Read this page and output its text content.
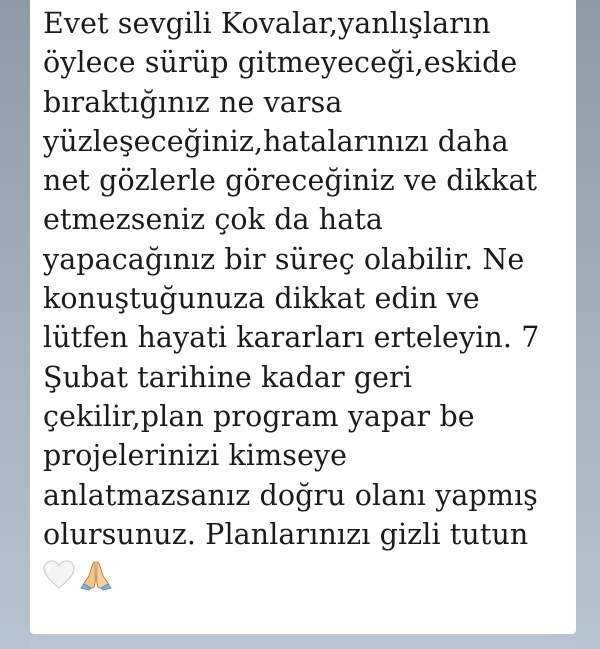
Evet sevgili Kovalar,yanlışların
öylece sürüp gitmeyeceği,eskide
bıraktığınız ne varsa
yüzleşeceğiniz,hatalarınızı daha
net gözlerle göreceğiniz ve dikkat
etmezseniz çok da hata
yapacağınız bir süreç olabilir. Ne
konuştuğunuza dikkat edin ve
lütfen hayati kararları erteleyin. 7
Şubat tarihine kadar geri
çekilir,plan program yapar be
projelerinizi kimseye
anlatmazsanız doğru olanı yapmış
olursunuz. Planlarınızı gizli tutun
